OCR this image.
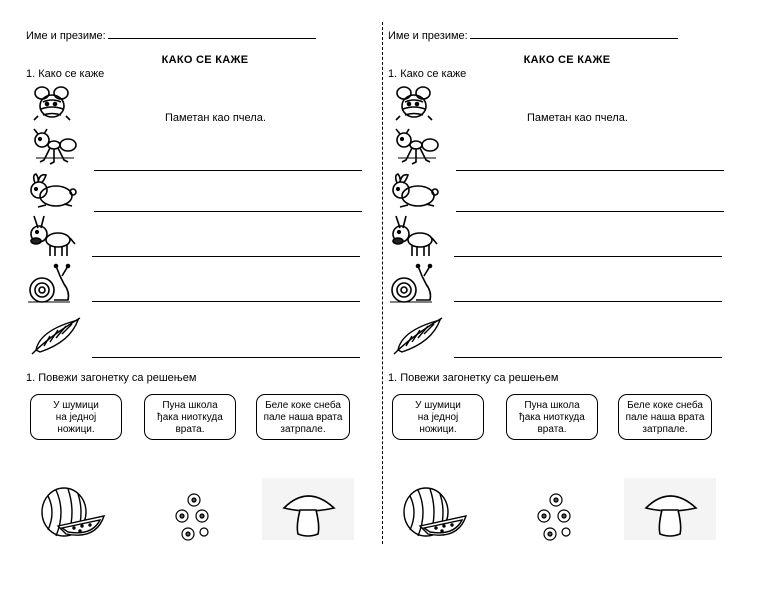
Име и презиме:
КАКО СЕ КАЖЕ
1. Како се каже
Паметан као пчела.
1. Повежи загонетку са решењем
У шумици
на једној
ножици.
Пуна школа
ђака ниоткуда
врата.
Беле коке снеба
пале наша врата
затрпале.
Име и презиме:
КАКО СЕ КАЖЕ
1. Како се каже
Паметан као пчела.
1. Повежи загонетку са решењем
У шумици
на једној
ножици.
Пуна школа
ђака ниоткуда
врата.
Беле коке снеба
пале наша врата
затрпале.
